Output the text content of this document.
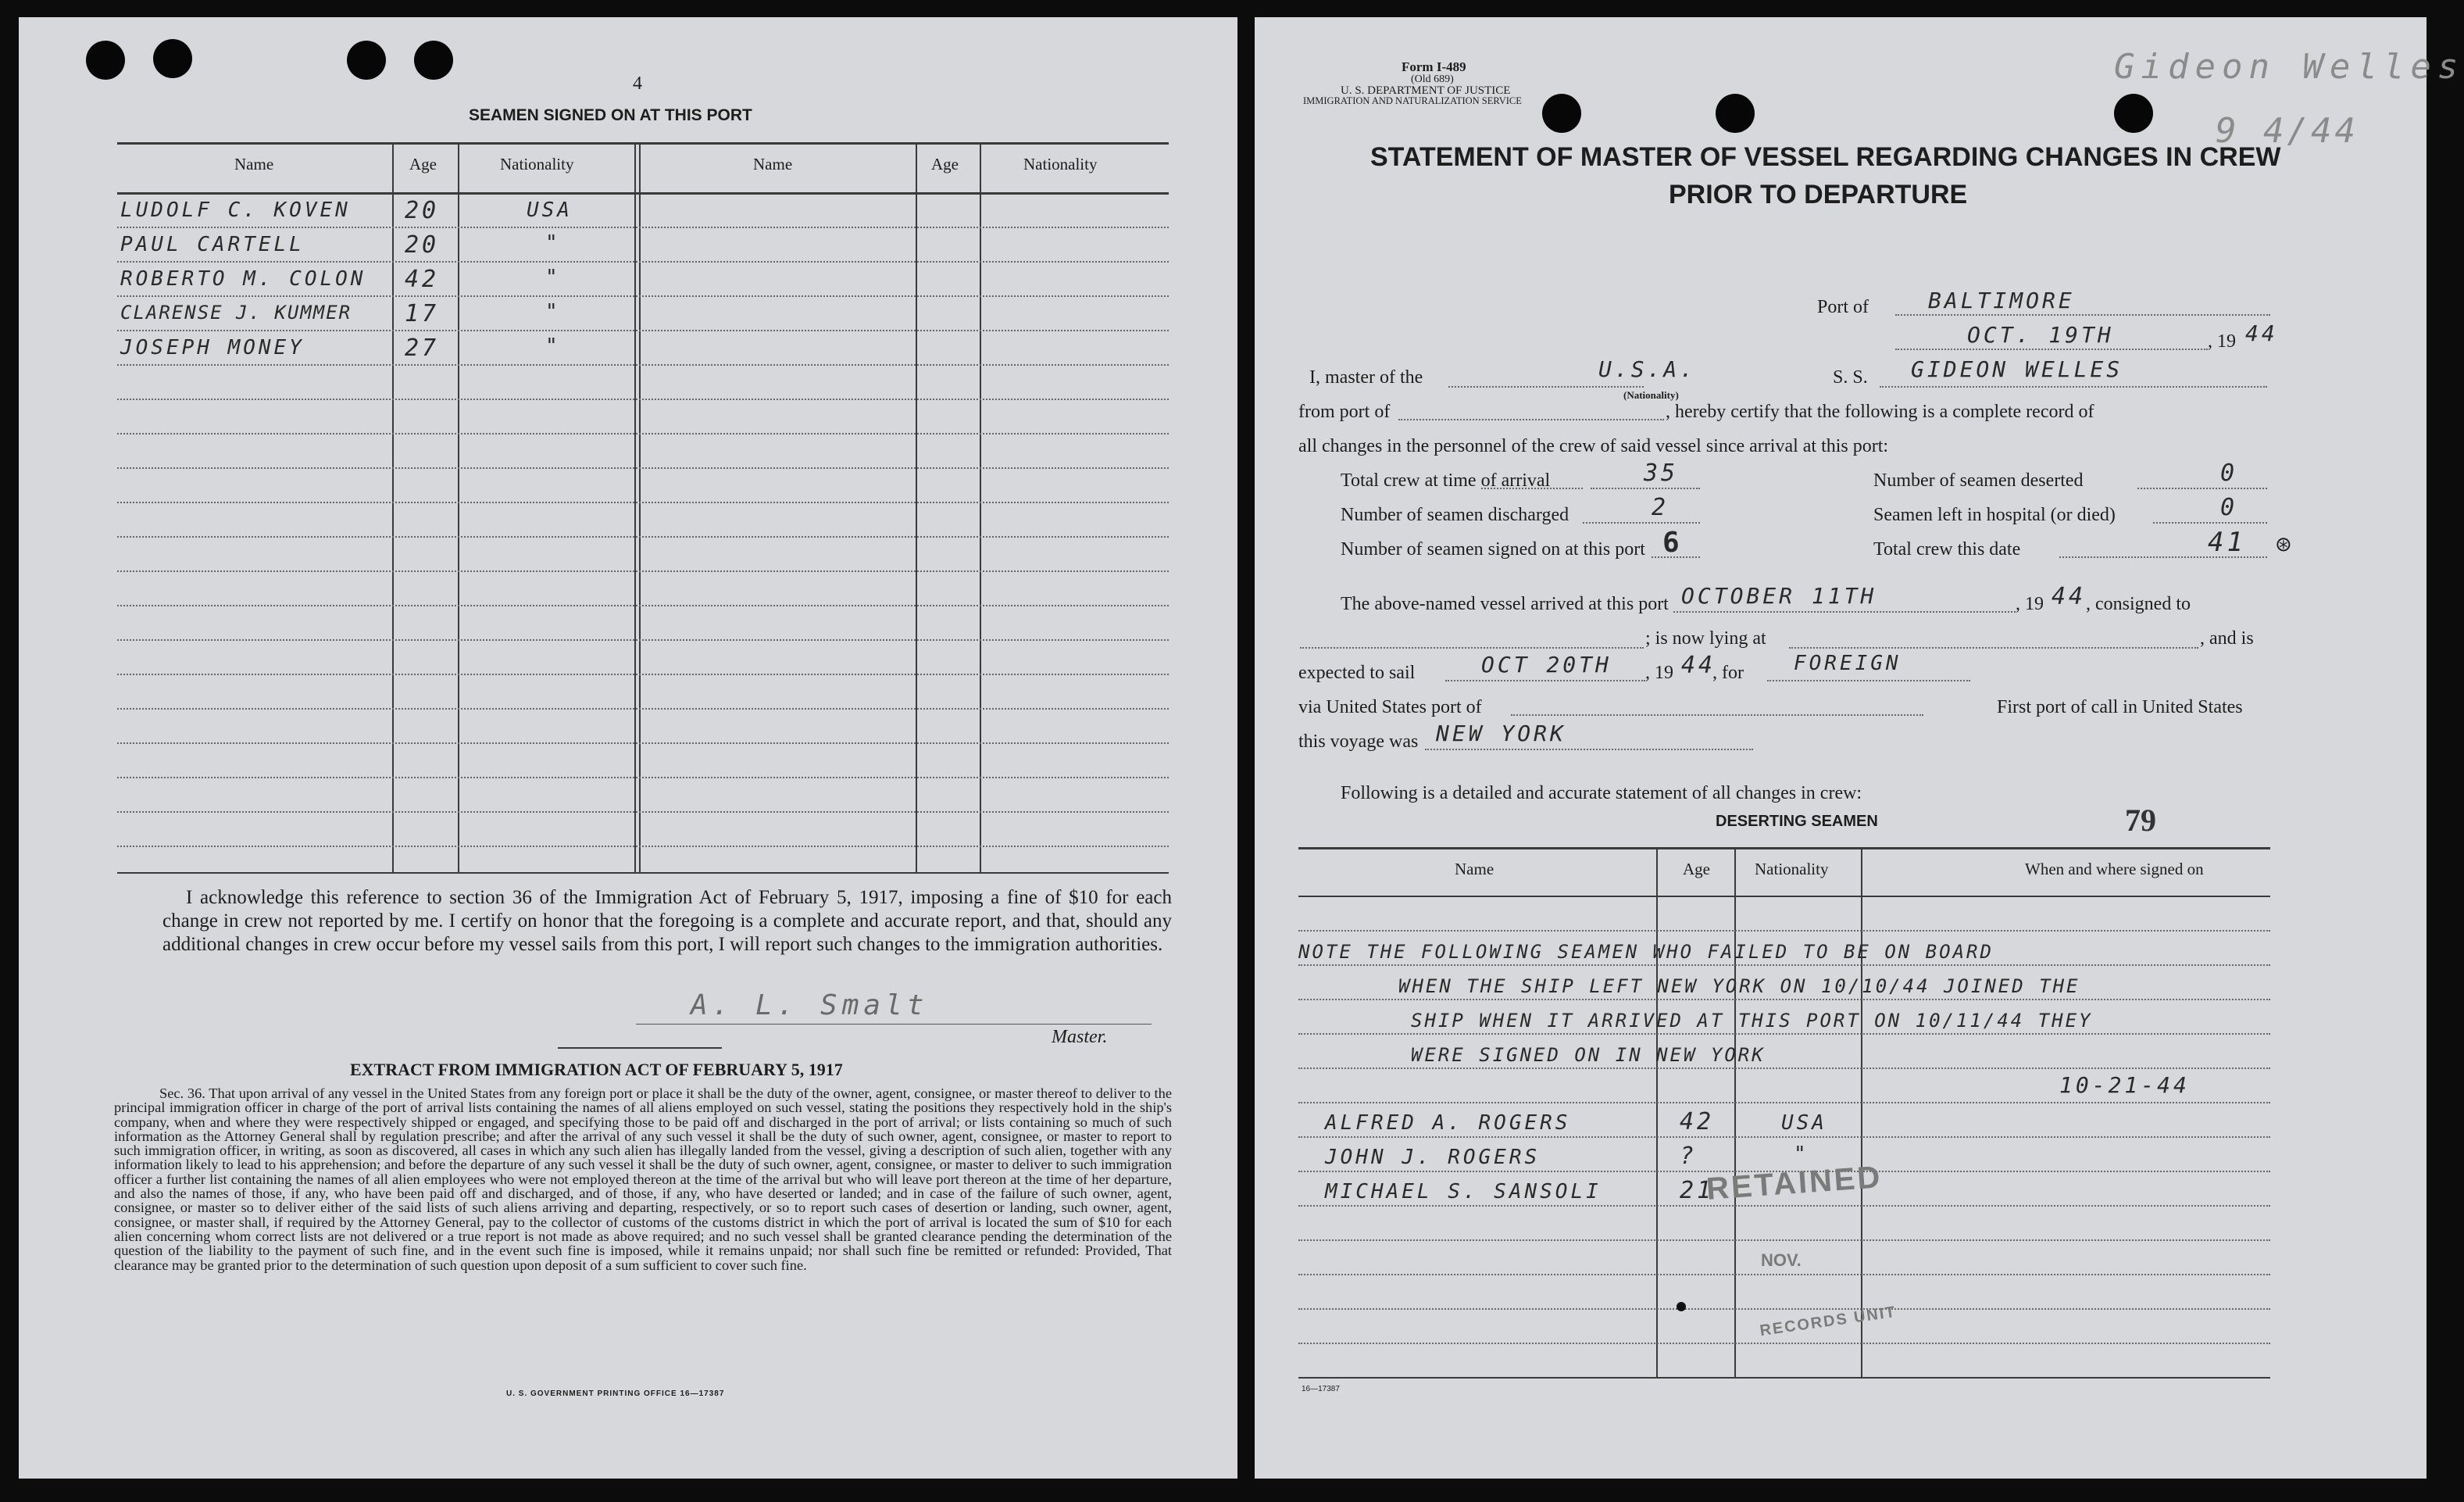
4
SEAMEN SIGNED ON AT THIS PORT
Name	Age	Nationality	Name	Age	Nationality
LUDOLF C. KOVEN 20	USA
PAUL CARTELL	20	"
ROBERTO M. COLON 42	"
CLARENSE J. KUMMER 17	"
JOSEPH MONEY	27	"
I acknowledge this reference to section 36 of the Immigration Act of February 5, 1917, imposing a fine of $10 for each change in crew not reported by me. I certify on honor that the foregoing is a complete and accurate report, and that, should any additional changes in crew occur before my vessel sails from this port, I will report such changes to the immigration authorities.
A. L. Smalt
Master.
EXTRACT FROM IMMIGRATION ACT OF FEBRUARY 5, 1917
Sec. 36. That upon arrival of any vessel in the United States from any foreign port or place it shall be the duty of the owner, agent, consignee, or master thereof to deliver to the principal immigration officer in charge of the port of arrival lists containing the names of all aliens employed on such vessel, stating the positions they respectively hold in the ship's company, when and where they were respectively shipped or engaged, and specifying those to be paid off and discharged in the port of arrival; or lists containing so much of such information as the Attorney General shall by regulation prescribe; and after the arrival of any such vessel it shall be the duty of such owner, agent, consignee, or master to report to such immigration officer, in writing, as soon as discovered, all cases in which any such alien has illegally landed from the vessel, giving a description of such alien, together with any information likely to lead to his apprehension; and before the departure of any such vessel it shall be the duty of such owner, agent, consignee, or master to deliver to such immigration officer a further list containing the names of all alien employees who were not employed thereon at the time of the arrival but who will leave port thereon at the time of her departure, and also the names of those, if any, who have been paid off and discharged, and of those, if any, who have deserted or landed; and in case of the failure of such owner, agent, consignee, or master so to deliver either of the said lists of such aliens arriving and departing, respectively, or so to report such cases of desertion or landing, such owner, agent, consignee, or master shall, if required by the Attorney General, pay to the collector of customs of the customs district in which the port of arrival is located the sum of $10 for each alien concerning whom correct lists are not delivered or a true report is not made as above required; and no such vessel shall be granted clearance pending the determination of the question of the liability to the payment of such fine, and in the event such fine is imposed, while it remains unpaid; nor shall such fine be remitted or refunded: Provided, That clearance may be granted prior to the determination of such question upon deposit of a sum sufficient to cover such fine.
U. S. GOVERNMENT PRINTING OFFICE 16—17387
Form I-489
(Old 689)
U. S. DEPARTMENT OF JUSTICE
IMMIGRATION AND NATURALIZATION SERVICE
Gideon Welles
9 4/44
STATEMENT OF MASTER OF VESSEL REGARDING CHANGES IN CREW
PRIOR TO DEPARTURE
Port of	BALTIMORE
OCT. 19TH	, 19 44
I, master of the	U.S.A.
(Nationality)
S. S. GIDEON WELLES
from port of	, hereby certify that the following is a complete record of
all changes in the personnel of the crew of said vessel since arrival at this port:
Total crew at time of arrival	35
Number of seamen discharged	2
Number of seamen signed on at this port 6
Number of seamen deserted	0
Seamen left in hospital (or died)	0
Total crew this date	41 ⊛
The above-named vessel arrived at this port OCTOBER 11TH	, 19 44 , consigned to
; is now lying at	, and is
expected to sail	OCT 20TH , 19 44
, for FOREIGN
via United States port of	First port of call in United States
this voyage was NEW YORK
Following is a detailed and accurate statement of all changes in crew:
DESERTING SEAMEN	79
Name	Age	Nationality	When and where signed on
NOTE THE FOLLOWING SEAMEN WHO FAILED TO BE ON BOARD
WHEN THE SHIP LEFT NEW YORK ON 10/10/44 JOINED THE
SHIP WHEN IT ARRIVED AT THIS PORT ON 10/11/44 THEY
WERE SIGNED ON IN NEW YORK
10-21-44
ALFRED A. ROGERS	42	USA
JOHN J. ROGERS	?	"
MICHAEL S. SANSOLI	21
RETAINED
NOV.
RECORDS UNIT
16—17387
